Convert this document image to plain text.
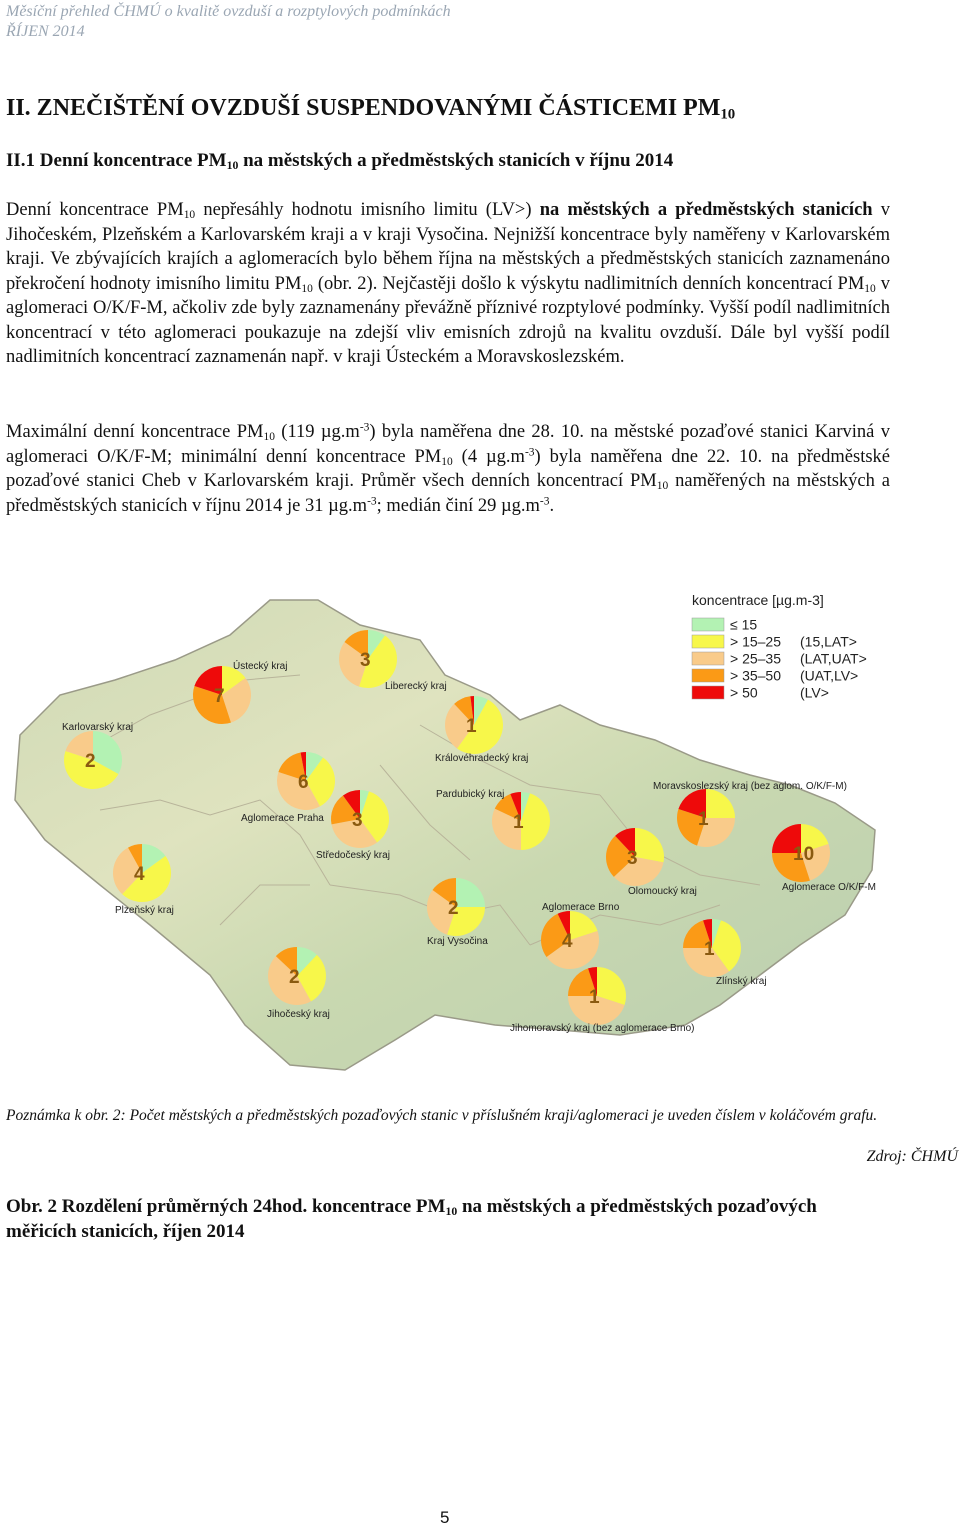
Měsíční přehled ČHMÚ o kvalitě ovzduší a rozptylových podmínkách
ŘÍJEN 2014
II. ZNEČIŠTĚNÍ OVZDUŠÍ SUSPENDOVANÝMI ČÁSTICEMI $PM_{10}$
II.1 Denní koncentrace $PM_{10}$ na městských a předměstských stanicích v říjnu 2014

Denní koncentrace $PM_{10}$ nepřesáhly hodnotu imisního limitu (LV>) na městských a předměstských stanicích v Jihočeském, Plzeňském a Karlovarském kraji a v kraji Vysočina. Nejnižší koncentrace byly naměřeny v Karlovarském kraji. Ve zbývajících krajích a aglomeracích bylo během října na městských a předměstských stanicích zaznamenáno překročení hodnoty imisního limitu $PM_{10}$ (obr. 2). Nejčastěji došlo k výskytu nadlimitních denních koncentrací $PM_{10}$ v aglomeraci O/K/F-M, ačkoliv zde byly zaznamenány převážně příznivé rozptylové podmínky. Vyšší podíl nadlimitních koncentrací v této aglomeraci poukazuje na zdejší vliv emisních zdrojů na kvalitu ovzduší. Dále byl vyšší podíl nadlimitních koncentrací zaznamenán např. v kraji Ústeckém a Moravskoslezském.

Maximální denní koncentrace $PM_{10}$ (119 $\mu g.m^{-3}$) byla naměřena dne 28. 10. na městské pozaďové stanici Karviná v aglomeraci O/K/F-M; minimální denní koncentrace $PM_{10}$ (4 $\mu g.m^{-3}$) byla naměřena dne 22. 10. na předměstské pozaďové stanici Cheb v Karlovarském kraji. Průměr všech denních koncentrací $PM_{10}$ naměřených na městských a předměstských stanicích v říjnu 2014 je 31 $\mu g.m^{-3}$; medián činí 29 $\mu g.m^{-3}$.

2
Karlovarský kraj
7
Ústecký kraj	3
Liberecký kraj
1
Královéhradecký kraj
6
Aglomerace Praha 3
Středočeský kraj
1
Pardubický kraj
4
Plzeňský kraj	2
Kraj Vysočina
2
Jihočeský kraj
4
Aglomerace Brno
1
Jihomoravský kraj (bez aglomerace Brno)
3
Olomoucký kraj
1
Zlínský kraj
1
Moravskoslezský kraj (bez aglom. O/K/F-M)
10
Aglomerace O/K/F-M
koncentrace [µg.m-3]
≤ 15
> 15–25 (15,LAT>
> 25–35 (LAT,UAT>
> 35–50 (UAT,LV>
> 50	(LV>
Poznámka k obr. 2: Počet městských a předměstských pozaďových stanic v příslušném kraji/aglomeraci je uveden číslem v koláčovém grafu.
Zdroj: ČHMÚ
Obr. 2 Rozdělení průměrných 24hod. koncentrace $PM_{10}$ na městských a předměstských pozaďových měřicích stanicích, říjen 2014
5
